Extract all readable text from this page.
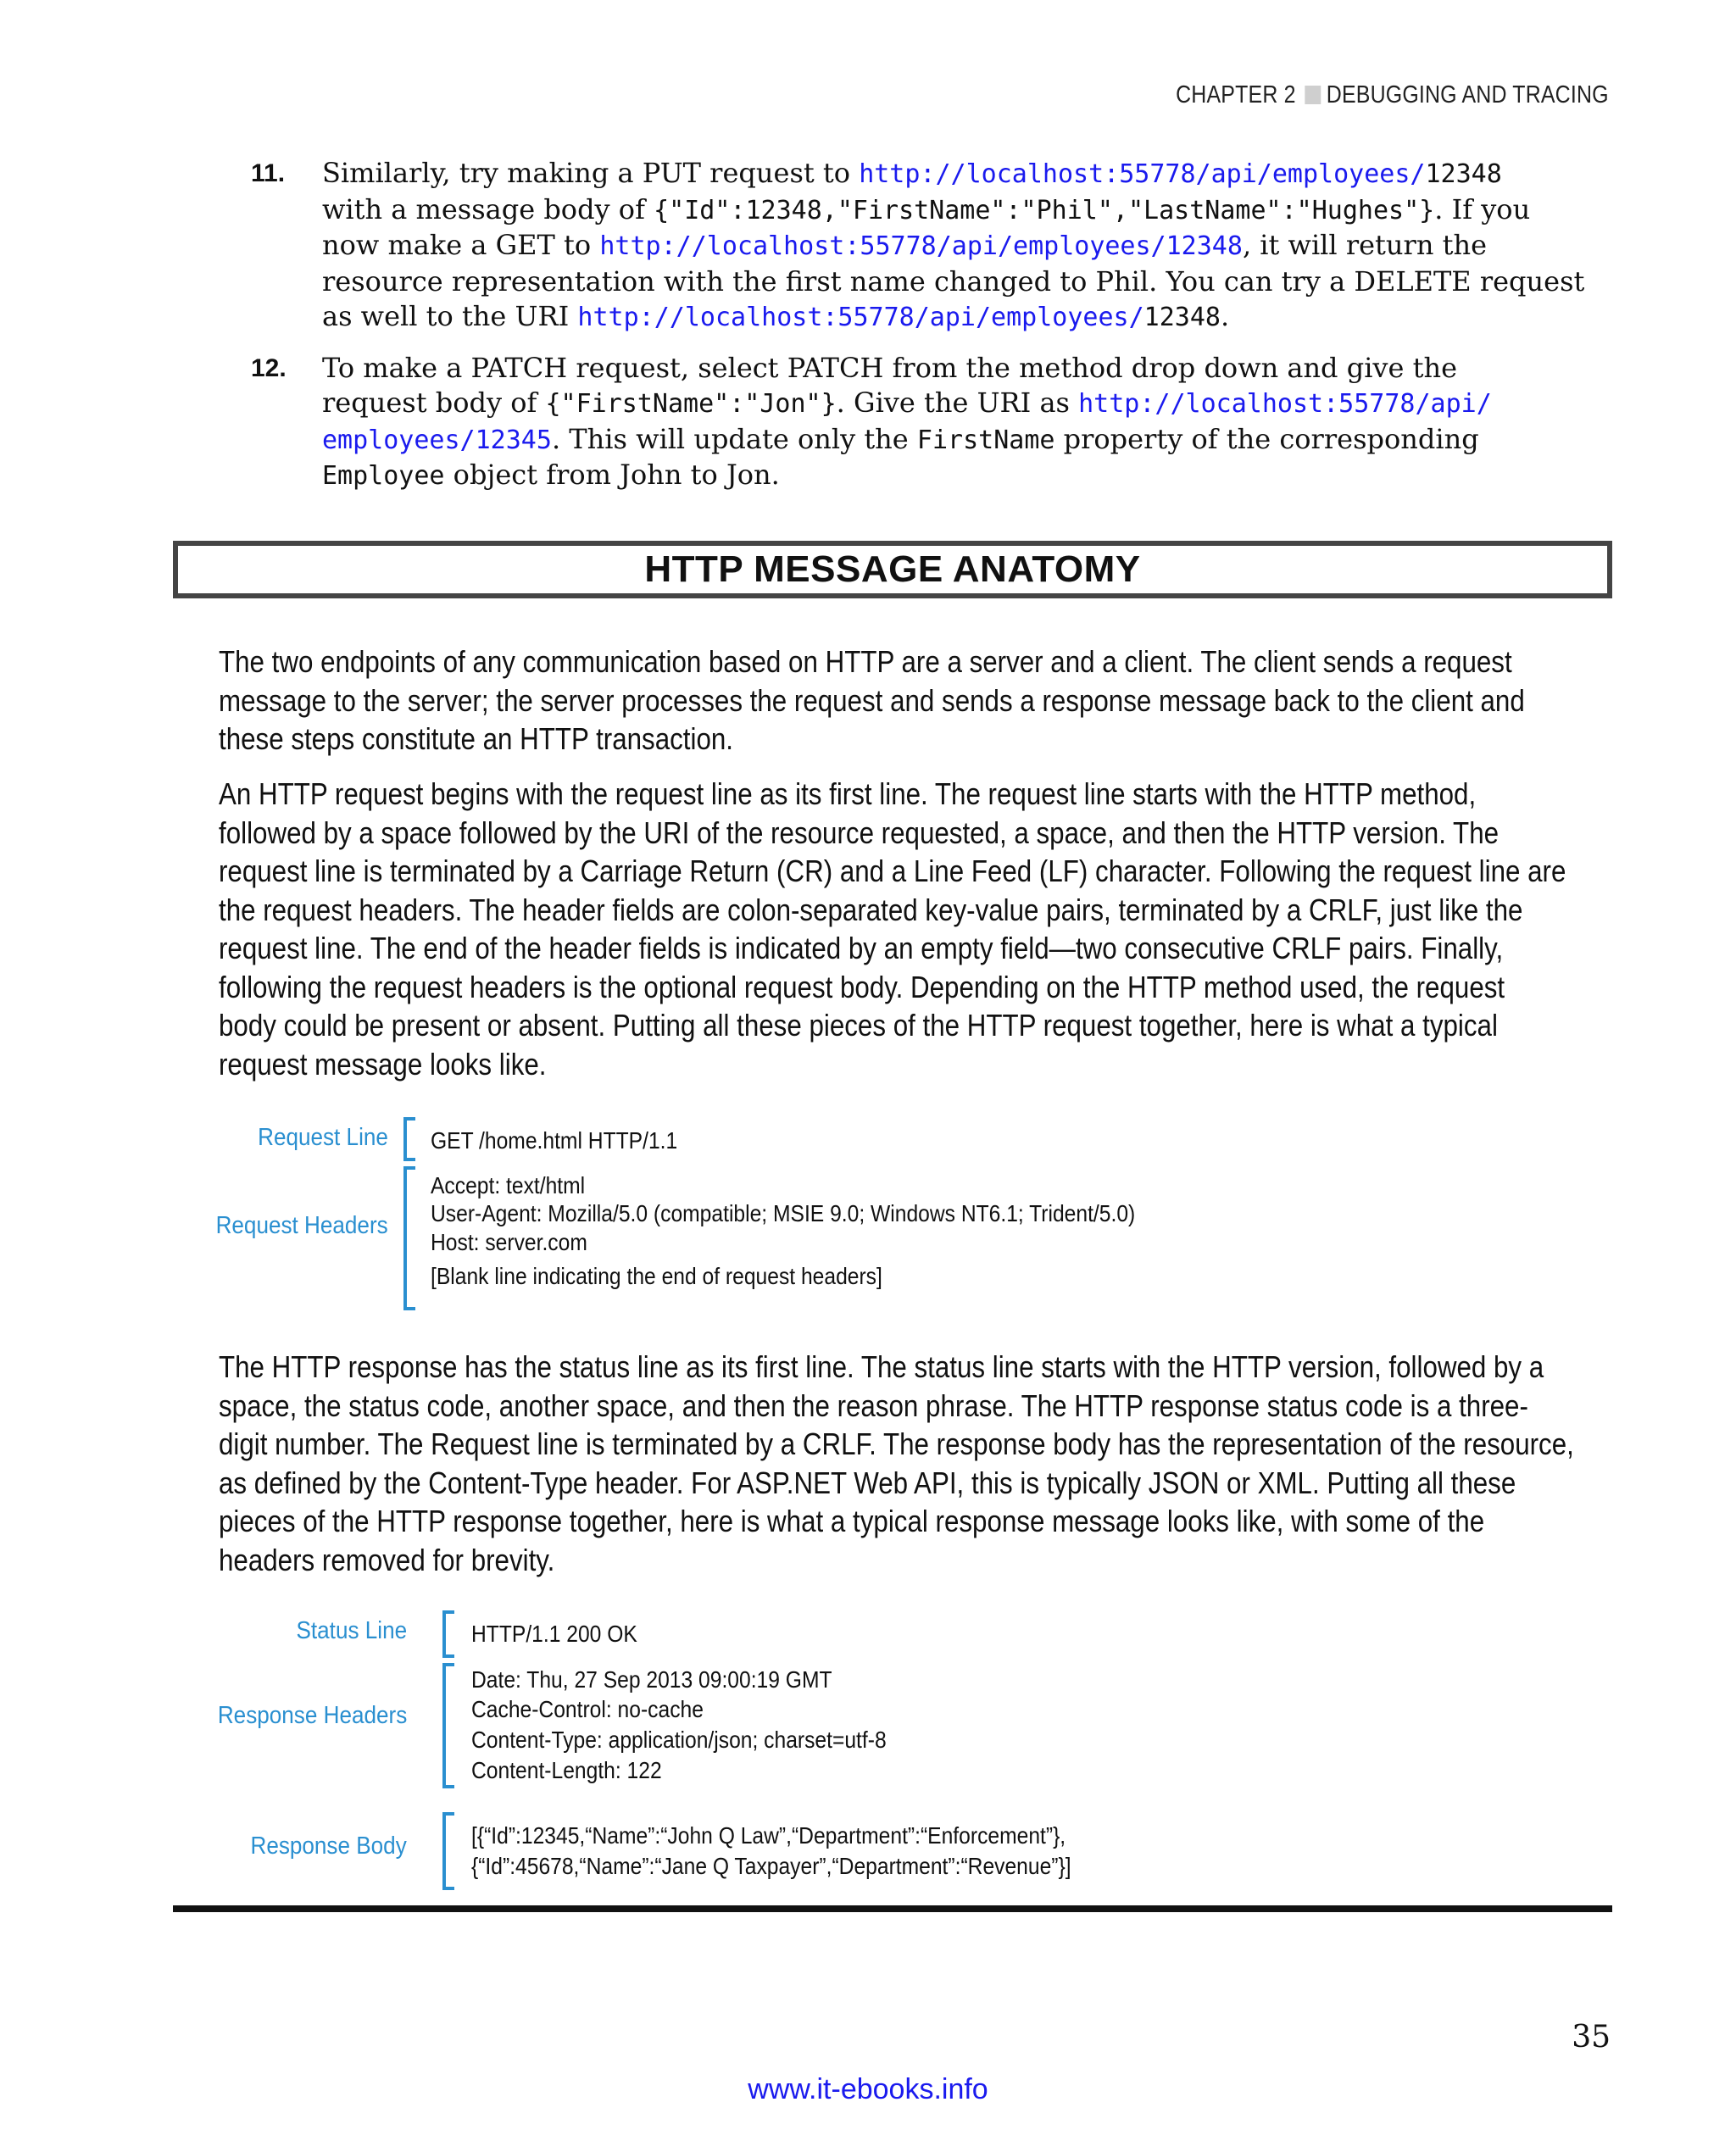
CHAPTER 2 DEBUGGING AND TRACING
11. Similarly, try making a PUT request to http://localhost:55778/api/employees/12348
with a message body of {"Id":12348,"FirstName":"Phil","LastName":"Hughes"}. If you
now make a GET to http://localhost:55778/api/employees/12348, it will return the
resource representation with the first name changed to Phil. You can try a DELETE request
as well to the URI http://localhost:55778/api/employees/12348.
12. To make a PATCH request, select PATCH from the method drop down and give the
request body of {"FirstName":"Jon"}. Give the URI as http://localhost:55778/api/
employees/12345. This will update only the FirstName property of the corresponding
Employee object from John to Jon.
HTTP MESSAGE ANATOMY
The two endpoints of any communication based on HTTP are a server and a client. The client sends a request
message to the server; the server processes the request and sends a response message back to the client and
these steps constitute an HTTP transaction.
An HTTP request begins with the request line as its first line. The request line starts with the HTTP method,
followed by a space followed by the URI of the resource requested, a space, and then the HTTP version. The
request line is terminated by a Carriage Return (CR) and a Line Feed (LF) character. Following the request line are
the request headers. The header fields are colon-separated key-value pairs, terminated by a CRLF, just like the
request line. The end of the header fields is indicated by an empty field—two consecutive CRLF pairs. Finally,
following the request headers is the optional request body. Depending on the HTTP method used, the request
body could be present or absent. Putting all these pieces of the HTTP request together, here is what a typical
request message looks like.
Request Line GET /home.html HTTP/1.1
Request Headers
Accept: text/html
User-Agent: Mozilla/5.0 (compatible; MSIE 9.0; Windows NT6.1; Trident/5.0)
Host: server.com
[Blank line indicating the end of request headers]
The HTTP response has the status line as its first line. The status line starts with the HTTP version, followed by a
space, the status code, another space, and then the reason phrase. The HTTP response status code is a three-
digit number. The Request line is terminated by a CRLF. The response body has the representation of the resource,
as defined by the Content-Type header. For ASP.NET Web API, this is typically JSON or XML. Putting all these
pieces of the HTTP response together, here is what a typical response message looks like, with some of the
headers removed for brevity.
Status Line	HTTP/1.1 200 OK
Response Headers
Date: Thu, 27 Sep 2013 09:00:19 GMT
Cache-Control: no-cache
Content-Type: application/json; charset=utf-8
Content-Length: 122
Response Body	[{“Id”:12345,“Name”:“John Q Law”,“Department”:“Enforcement”},
{“Id”:45678,“Name”:“Jane Q Taxpayer”,“Department”:“Revenue”}]
35
www.it-ebooks.info
